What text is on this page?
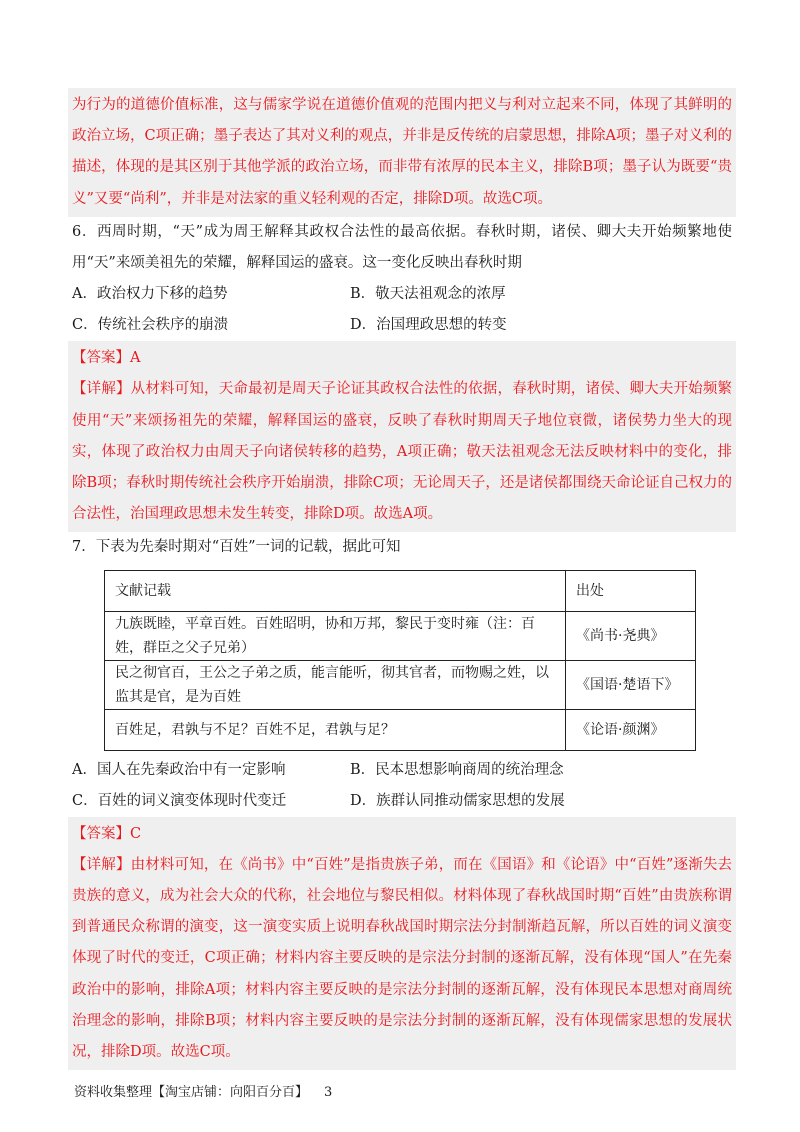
为行为的道德价值标准，这与儒家学说在道德价值观的范围内把义与利对立起来不同，体现了其鲜明的政治立场，C项正确；墨子表达了其对义利的观点，并非是反传统的启蒙思想，排除A项；墨子对义利的描述，体现的是其区别于其他学派的政治立场，而非带有浓厚的民本主义，排除B项；墨子认为既要“贵义”又要“尚利”，并非是对法家的重义轻利观的否定，排除D项。故选C项。

6．西周时期，“天”成为周王解释其政权合法性的最高依据。春秋时期，诸侯、卿大夫开始频繁地使用“天”来颂美祖先的荣耀，解释国运的盛衰。这一变化反映出春秋时期

A．政治权力下移的趋势	B．敬天法祖观念的浓厚
C．传统社会秩序的崩溃	D．治国理政思想的转变

【答案】A

【详解】从材料可知，天命最初是周天子论证其政权合法性的依据，春秋时期，诸侯、卿大夫开始频繁使用“天”来颂扬祖先的荣耀，解释国运的盛衰，反映了春秋时期周天子地位衰微，诸侯势力坐大的现实，体现了政治权力由周天子向诸侯转移的趋势，A项正确；敬天法祖观念无法反映材料中的变化，排除B项；春秋时期传统社会秩序开始崩溃，排除C项；无论周天子，还是诸侯都围绕天命论证自己权力的合法性，治国理政思想未发生转变，排除D项。故选A项。

7．下表为先秦时期对“百姓”一词的记载，据此可知

文献记载	出处
九族既睦，平章百姓。百姓昭明，协和万邦，黎民于变时雍（注：百姓，群臣之父子兄弟）	《尚书·尧典》
民之彻官百，王公之子弟之质，能言能听，彻其官者，而物赐之姓，以监其是官，是为百姓	《国语·楚语下》
百姓足，君孰与不足？百姓不足，君孰与足？	《论语·颜渊》
A．国人在先秦政治中有一定影响	B．民本思想影响商周的统治理念
C．百姓的词义演变体现时代变迁	D．族群认同推动儒家思想的发展

【答案】C

【详解】由材料可知，在《尚书》中“百姓”是指贵族子弟，而在《国语》和《论语》中“百姓”逐渐失去贵族的意义，成为社会大众的代称，社会地位与黎民相似。材料体现了春秋战国时期“百姓”由贵族称谓到普通民众称谓的演变，这一演变实质上说明春秋战国时期宗法分封制渐趋瓦解，所以百姓的词义演变体现了时代的变迁，C项正确；材料内容主要反映的是宗法分封制的逐渐瓦解，没有体现“国人”在先秦政治中的影响，排除A项；材料内容主要反映的是宗法分封制的逐渐瓦解，没有体现民本思想对商周统治理念的影响，排除B项；材料内容主要反映的是宗法分封制的逐渐瓦解，没有体现儒家思想的发展状况，排除D项。故选C项。

资料收集整理【淘宝店铺：向阳百分百】 3
